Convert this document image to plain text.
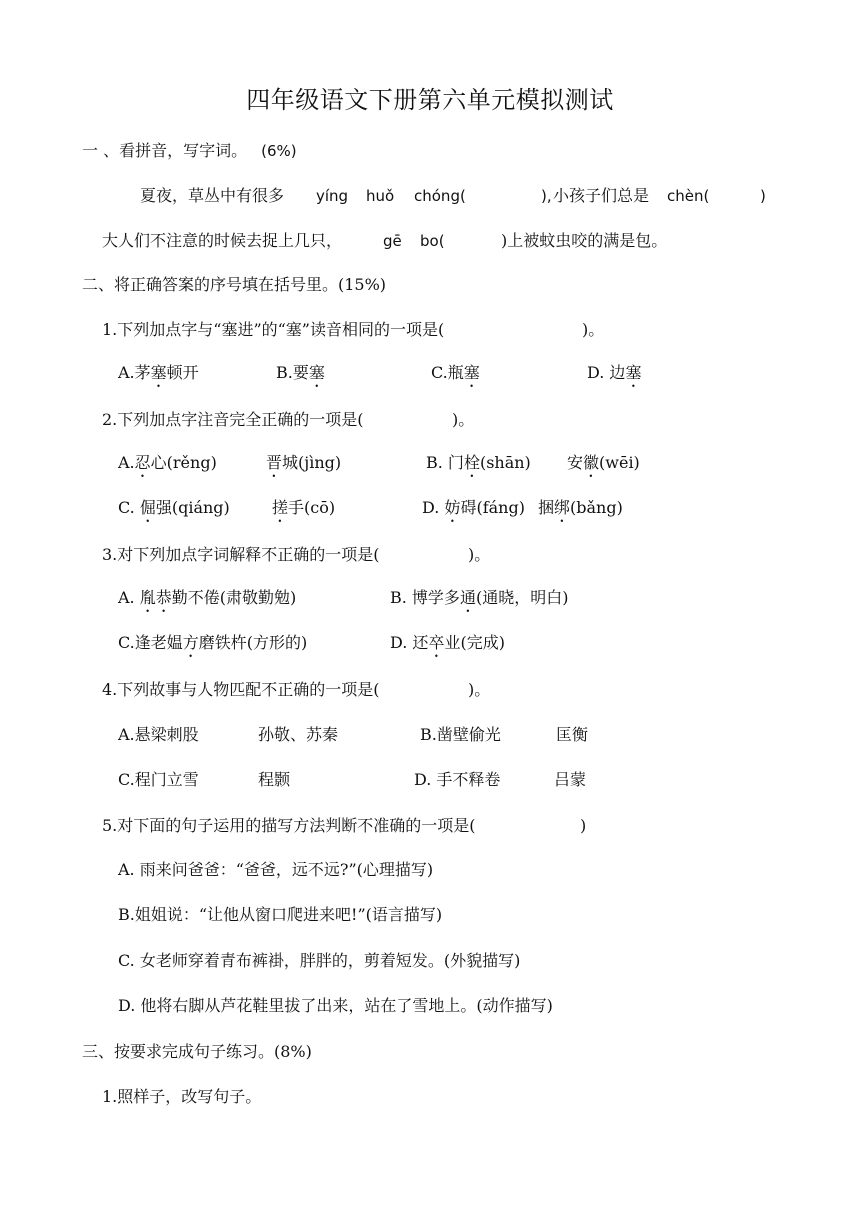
四年级语文下册第六单元模拟测试
一 、看拼音，写字词。 (6%)
夏夜，草丛中有很多 yíng huǒ chóng(	), 小孩子们总是 chèn(	)
大人们不注意的时候去捉上几只，	gē bo(	)上被蚊虫咬的满是包。
二、将正确答案的序号填在括号里。(15%)
1.下列加点字与“塞进”的“塞”读音相同的一项是(	)。
A.茅塞顿开	B.要塞	C.瓶塞	D. 边塞
2.下列加点字注音完全正确的一项是(	)。
A.忍心(rěng)	晋城(jìng)	B. 门栓(shān) 安徽(wēi)
C. 倔强(qiáng)	搓手(cō)	D. 妨碍(fáng) 捆绑(bǎng)
3.对下列加点字词解释不正确的一项是(	)。
A. 胤恭勤不倦(肃敬勤勉)	B. 博学多通(通晓，明白)
C.逢老媪方磨铁杵(方形的)	D. 还卒业(完成)
4.下列故事与人物匹配不正确的一项是(	)。
A.悬梁刺股	孙敬、苏秦	B.凿壁偷光	匡衡
C.程门立雪	程颢	D. 手不释卷	吕蒙
5.对下面的句子运用的描写方法判断不准确的一项是(	)
A. 雨来问爸爸：“爸爸，远不远?”(心理描写)
B.姐姐说：“让他从窗口爬进来吧!”(语言描写)
C. 女老师穿着青布裤褂，胖胖的，剪着短发。(外貌描写)
D. 他将右脚从芦花鞋里拔了出来，站在了雪地上。(动作描写)
三、按要求完成句子练习。(8%)
1.照样子，改写句子。
